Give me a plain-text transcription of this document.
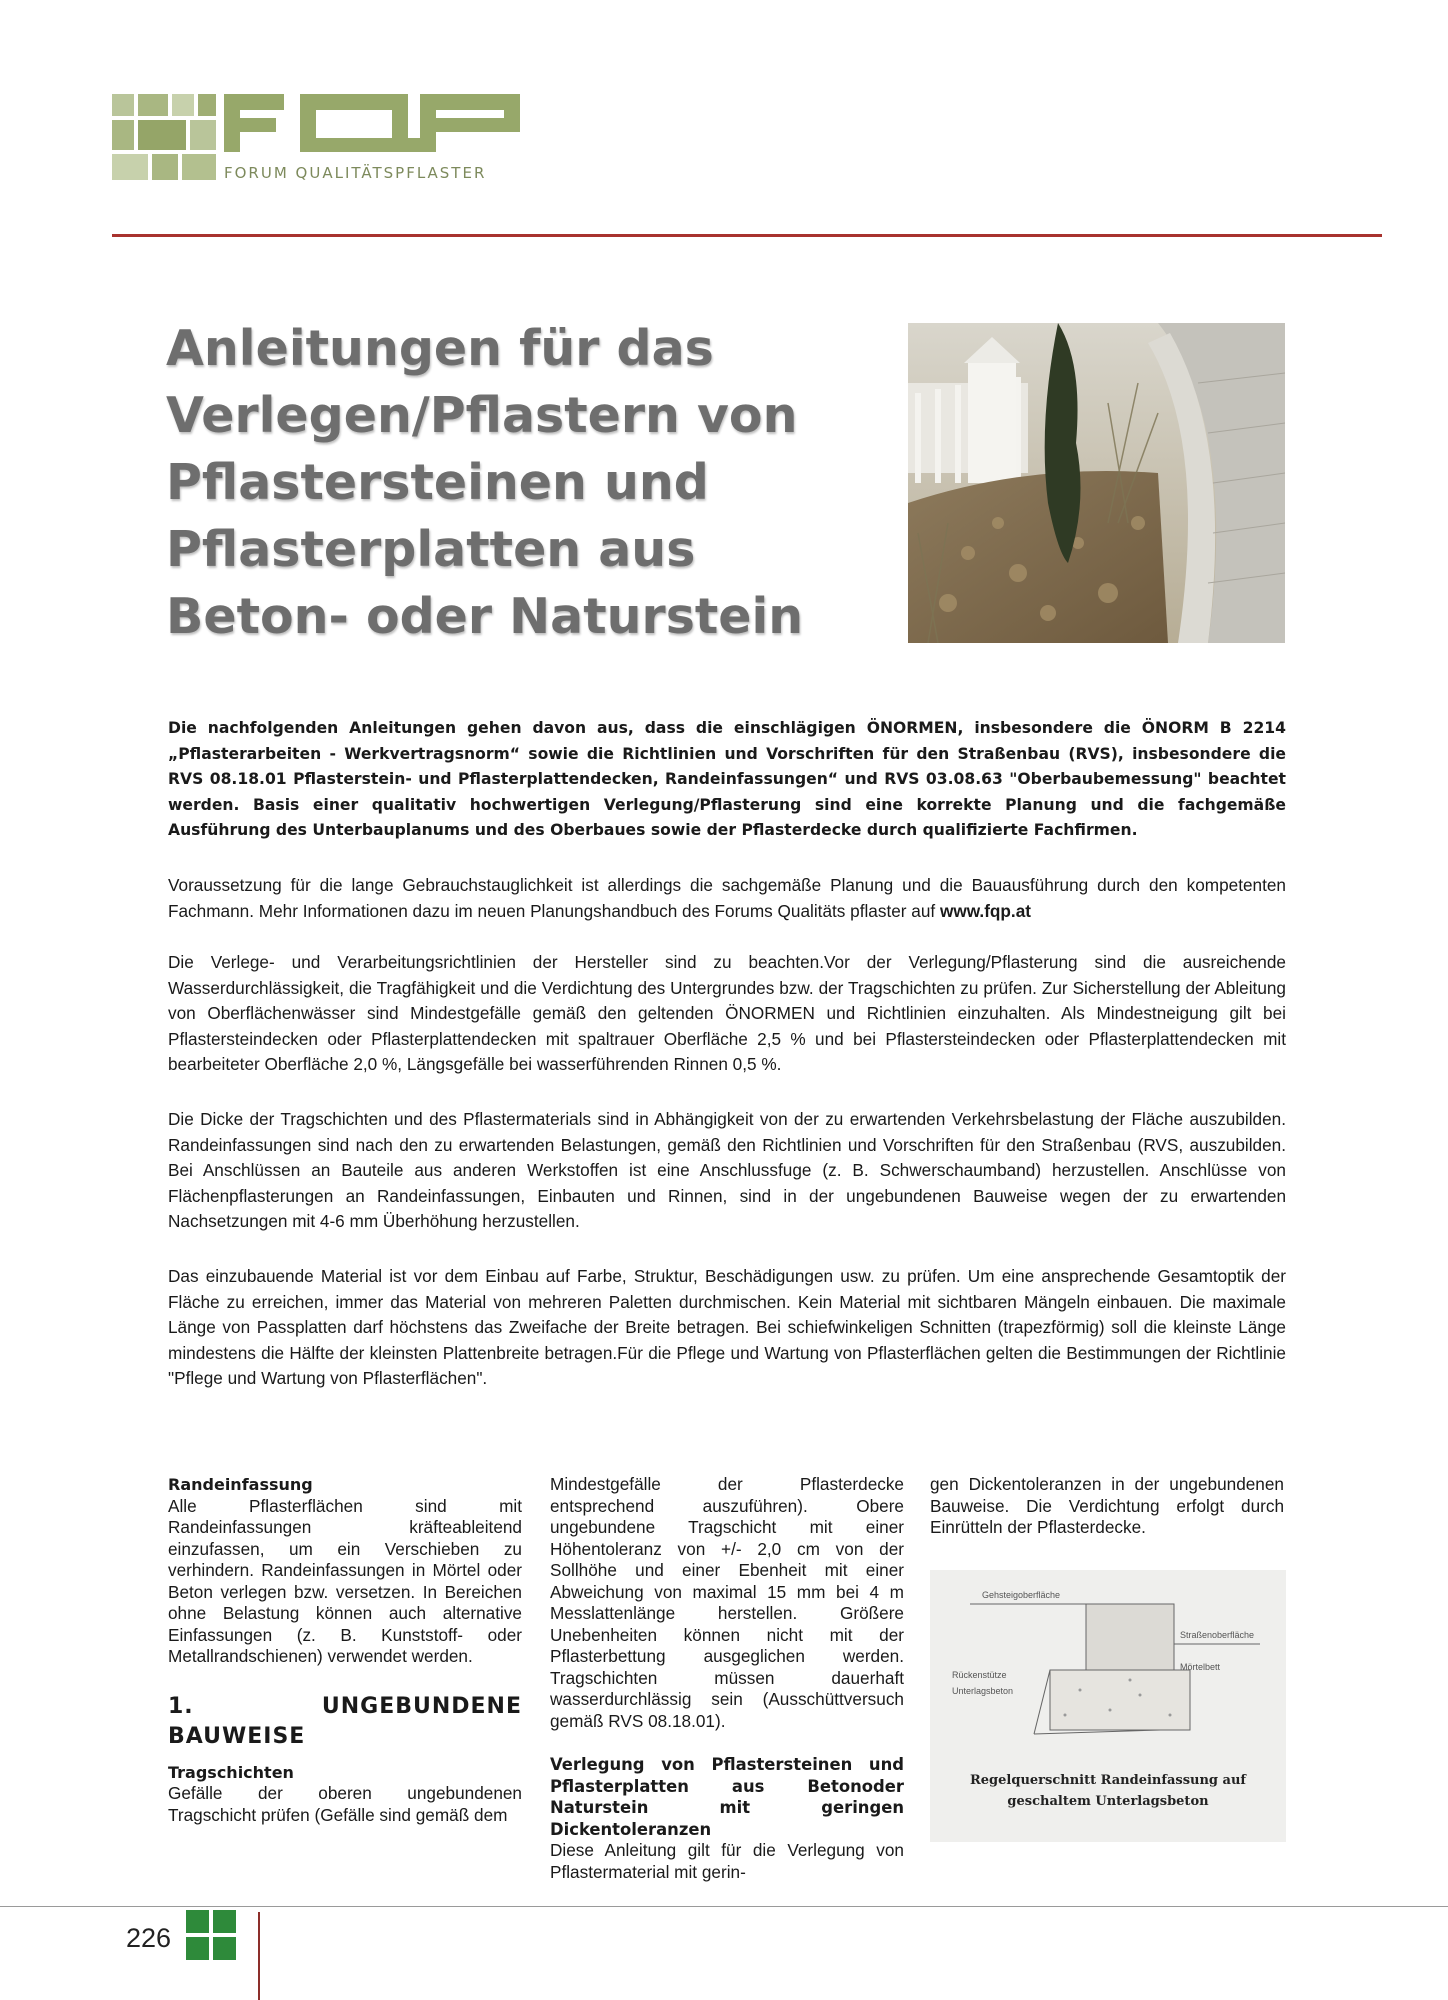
FORUM QUALITÄTSPFLASTER
Anleitungen für das
Verlegen/Pflastern von
Pflastersteinen und
Pflasterplatten aus
Beton- oder Naturstein
Die nachfolgenden Anleitungen gehen davon aus, dass die einschlägigen ÖNORMEN, insbesondere die ÖNORM B 2214 „Pflasterarbeiten - Werkvertragsnorm“ sowie die Richtlinien und Vorschriften für den Straßenbau (RVS), insbesondere die RVS 08.18.01 Pflasterstein- und Pflasterplattendecken, Randeinfassungen“ und RVS 03.08.63 "Oberbaubemessung" beachtet werden. Basis einer qualitativ hochwertigen Verlegung/Pflasterung sind eine korrekte Planung und die fachgemäße Ausführung des Unterbauplanums und des Oberbaues sowie der Pflasterdecke durch qualifizierte Fachfirmen.
Voraussetzung für die lange Gebrauchstauglichkeit ist allerdings die sachgemäße Planung und die Bauausführung durch den kompetenten Fachmann. Mehr Informationen dazu im neuen Planungshandbuch des Forums Qualitäts pflaster auf www.fqp.at
Die Verlege- und Verarbeitungsrichtlinien der Hersteller sind zu beachten.Vor der Verlegung/Pflasterung sind die ausreichende Wasserdurchlässigkeit, die Tragfähigkeit und die Verdichtung des Untergrundes bzw. der Tragschichten zu prüfen. Zur Sicherstellung der Ableitung von Oberflächenwässer sind Mindestgefälle gemäß den geltenden ÖNORMEN und Richtlinien einzuhalten. Als Mindestneigung gilt bei Pflastersteindecken oder Pflasterplattendecken mit spaltrauer Oberfläche 2,5 % und bei Pflastersteindecken oder Pflasterplattendecken mit bearbeiteter Oberfläche 2,0 %, Längsgefälle bei wasserführenden Rinnen 0,5 %.
Die Dicke der Tragschichten und des Pflastermaterials sind in Abhängigkeit von der zu erwartenden Verkehrsbelastung der Fläche auszubilden. Randeinfassungen sind nach den zu erwartenden Belastungen, gemäß den Richtlinien und Vorschriften für den Straßenbau (RVS, auszubilden. Bei Anschlüssen an Bauteile aus anderen Werkstoffen ist eine Anschlussfuge (z. B. Schwerschaumband) herzustellen. Anschlüsse von Flächenpflasterungen an Randeinfassungen, Einbauten und Rinnen, sind in der ungebundenen Bauweise wegen der zu erwartenden Nachsetzungen mit 4-6 mm Überhöhung herzustellen.
Das einzubauende Material ist vor dem Einbau auf Farbe, Struktur, Beschädigungen usw. zu prüfen. Um eine ansprechende Gesamtoptik der Fläche zu erreichen, immer das Material von mehreren Paletten durchmischen. Kein Material mit sichtbaren Mängeln einbauen. Die maximale Länge von Passplatten darf höchstens das Zweifache der Breite betragen. Bei schiefwinkeligen Schnitten (trapezförmig) soll die kleinste Länge mindestens die Hälfte der kleinsten Plattenbreite betragen.Für die Pflege und Wartung von Pflasterflächen gelten die Bestimmungen der Richtlinie "Pflege und Wartung von Pflasterflächen".
Randeinfassung
Alle Pflasterflächen sind mit Randeinfassungen kräfteableitend einzufassen, um ein Verschieben zu verhindern. Randeinfassungen in Mörtel oder Beton verlegen bzw. versetzen. In Bereichen ohne Belastung können auch alternative Einfassungen (z. B. Kunststoff- oder Metallrandschienen) verwendet werden.
1. UNGEBUNDENE BAUWEISE
Tragschichten
Gefälle der oberen ungebundenen Tragschicht prüfen (Gefälle sind gemäß dem
Mindestgefälle der Pflasterdecke entsprechend auszuführen). Obere ungebundene Tragschicht mit einer Höhentoleranz von +/- 2,0 cm von der Sollhöhe und einer Ebenheit mit einer Abweichung von maximal 15 mm bei 4 m Messlattenlänge herstellen. Größere Unebenheiten können nicht mit der Pflasterbettung ausgeglichen werden. Tragschichten müssen dauerhaft wasserdurchlässig sein (Ausschüttversuch gemäß RVS 08.18.01).
Verlegung von Pflastersteinen und Pflasterplatten aus Betonoder Naturstein mit geringen Dickentoleranzen
Diese Anleitung gilt für die Verlegung von Pflastermaterial mit gerin-
gen Dickentoleranzen in der ungebundenen Bauweise. Die Verdichtung erfolgt durch Einrütteln der Pflasterdecke.
Gehsteigoberfläche
Straßenoberfläche
Mörtelbett
Rückenstütze
Unterlagsbeton
Regelquerschnitt Randeinfassung auf
geschaltem Unterlagsbeton
226
